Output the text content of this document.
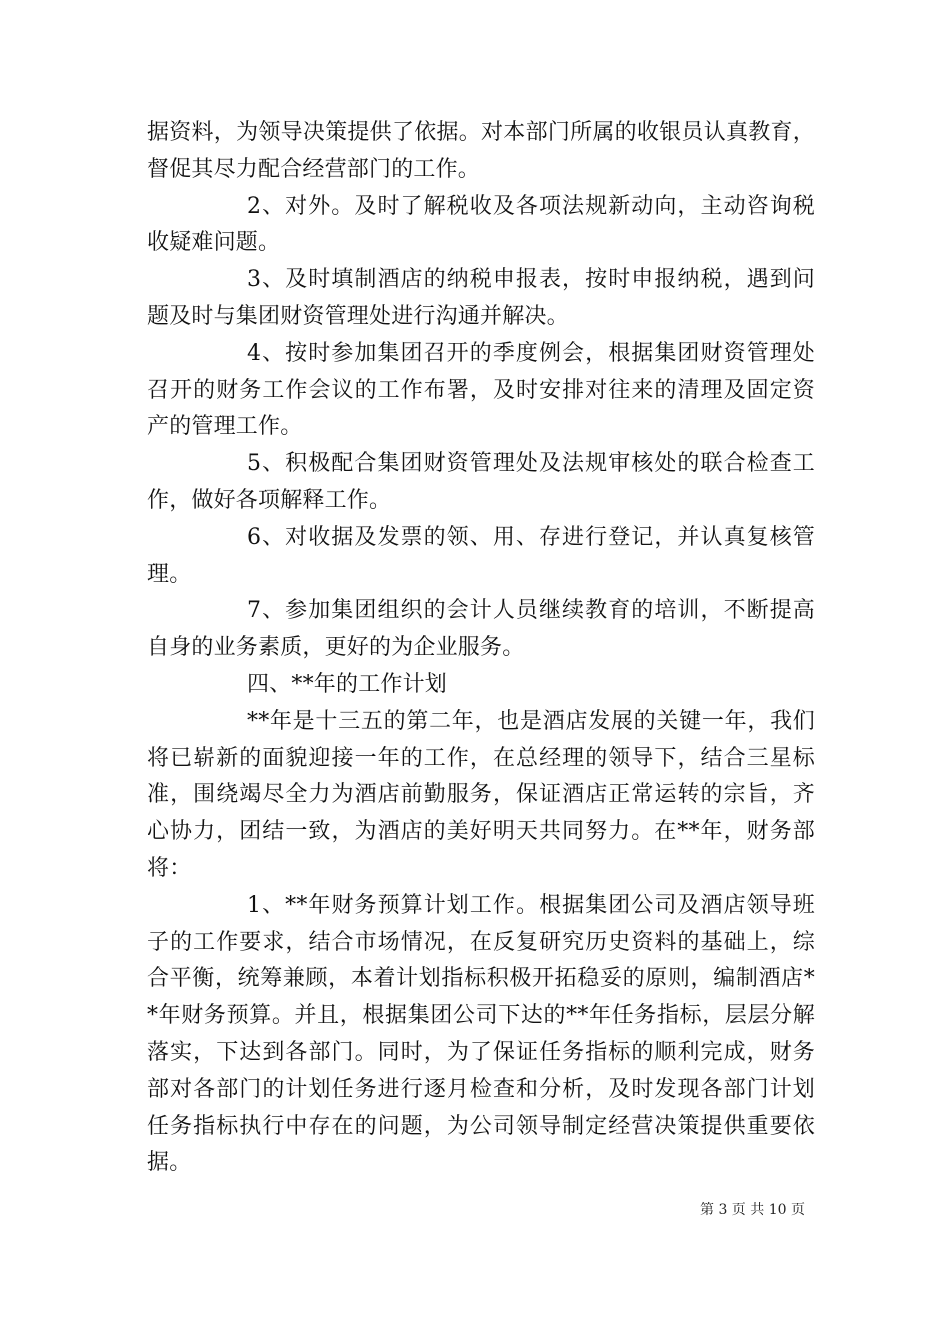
据资料，为领导决策提供了依据。对本部门所属的收银员认真教育，
督促其尽力配合经营部门的工作。
2、对外。及时了解税收及各项法规新动向，主动咨询税
收疑难问题。
3、及时填制酒店的纳税申报表，按时申报纳税，遇到问
题及时与集团财资管理处进行沟通并解决。
4、按时参加集团召开的季度例会，根据集团财资管理处
召开的财务工作会议的工作布署，及时安排对往来的清理及固定资
产的管理工作。
5、积极配合集团财资管理处及法规审核处的联合检查工
作，做好各项解释工作。
6、对收据及发票的领、用、存进行登记，并认真复核管
理。
7、参加集团组织的会计人员继续教育的培训，不断提高
自身的业务素质，更好的为企业服务。
四、**年的工作计划
**年是十三五的第二年，也是酒店发展的关键一年，我们
将已崭新的面貌迎接一年的工作，在总经理的领导下，结合三星标
准，围绕竭尽全力为酒店前勤服务，保证酒店正常运转的宗旨，齐
心协力，团结一致，为酒店的美好明天共同努力。在**年，财务部
将：
1、**年财务预算计划工作。根据集团公司及酒店领导班
子的工作要求，结合市场情况，在反复研究历史资料的基础上，综
合平衡，统筹兼顾，本着计划指标积极开拓稳妥的原则，编制酒店*
*年财务预算。并且，根据集团公司下达的**年任务指标，层层分解
落实，下达到各部门。同时，为了保证任务指标的顺利完成，财务
部对各部门的计划任务进行逐月检查和分析，及时发现各部门计划
任务指标执行中存在的问题，为公司领导制定经营决策提供重要依
据。
第 3 页 共 10 页
